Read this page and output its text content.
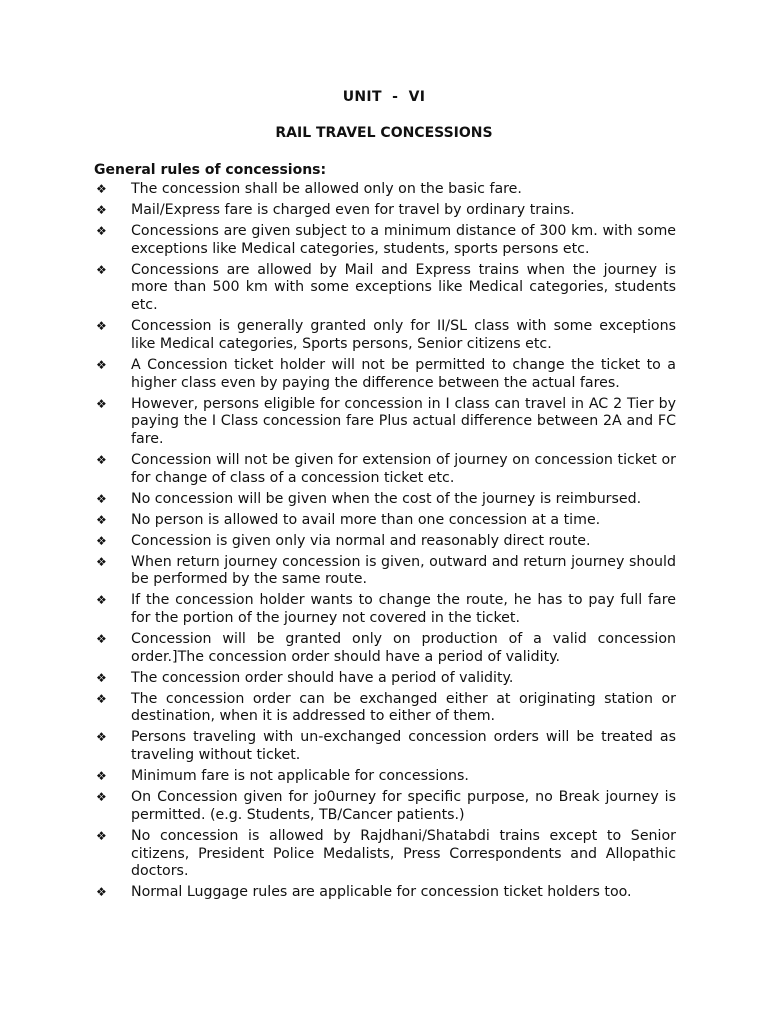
UNIT  -  VI
RAIL TRAVEL CONCESSIONS
General rules of concessions:
❖ The concession shall be allowed only on the basic fare.
❖ Mail/Express fare is charged even for travel by ordinary trains.
❖ Concessions are given subject to a minimum distance of 300 km. with some exceptions like Medical categories, students, sports persons etc.
❖ Concessions are allowed by Mail and Express trains when the journey is more than 500 km with some exceptions like Medical categories, students etc.
❖ Concession is generally granted only for II/SL class with some exceptions like Medical categories, Sports persons, Senior citizens etc.
❖ A Concession ticket holder will not be permitted to change the ticket to a higher class even by paying the difference between the actual fares.
❖ However, persons eligible for concession in I class can travel in AC 2 Tier by paying the I Class concession fare Plus actual difference between 2A and FC fare.
❖ Concession will not be given for extension of journey on concession ticket or for change of class of a concession ticket etc.
❖ No concession will be given when the cost of the journey is reimbursed.
❖ No person is allowed to avail more than one concession at a time.
❖ Concession is given only via normal and reasonably direct route.
❖ When return journey concession is given, outward and return journey should be performed by the same route.
❖ If the concession holder wants to change the route, he has to pay full fare for the portion of the journey not covered in the ticket.
❖ Concession will be granted only on production of a valid concession order.]The concession order should have a period of validity.
❖ The concession order should have a period of validity.
❖ The concession order can be exchanged either at originating station or destination, when it is addressed to either of them.
❖ Persons traveling with un-exchanged concession orders will be treated as traveling without ticket.
❖ Minimum fare is not applicable for concessions.
❖ On Concession given for jo0urney for specific purpose, no Break journey is permitted. (e.g. Students, TB/Cancer patients.)
❖ No concession is allowed by Rajdhani/Shatabdi trains except to Senior citizens, President Police Medalists, Press Correspondents and Allopathic doctors.
❖ Normal Luggage rules are applicable for concession ticket holders too.
